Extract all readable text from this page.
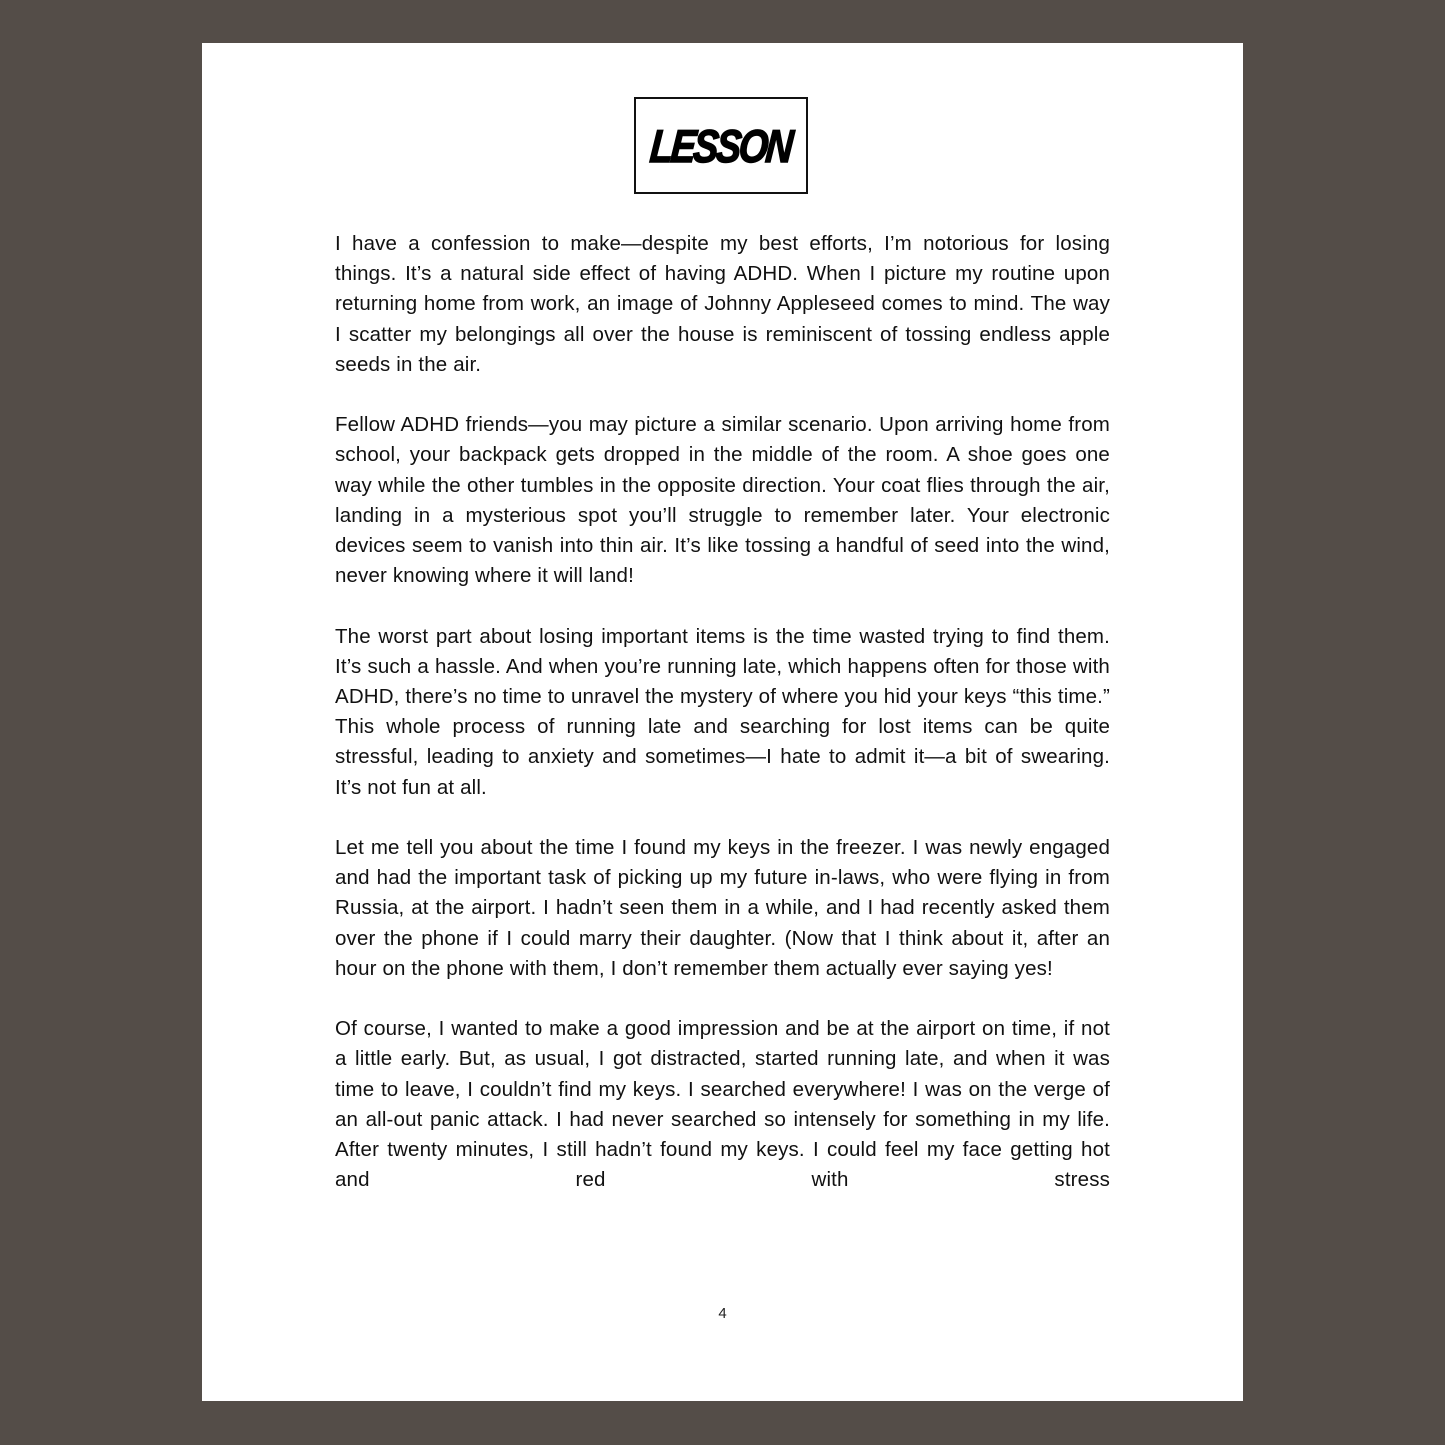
LESSON

I have a confession to make—despite my best efforts, I’m notorious for losing things. It’s a natural side effect of having ADHD. When I picture my routine upon returning home from work, an image of Johnny Appleseed comes to mind. The way I scatter my belongings all over the house is reminiscent of tossing endless apple seeds in the air.

Fellow ADHD friends—you may picture a similar scenario. Upon arriving home from school, your backpack gets dropped in the middle of the room. A shoe goes one way while the other tumbles in the opposite direction. Your coat flies through the air, landing in a mysterious spot you’ll struggle to remember later. Your electronic devices seem to vanish into thin air. It’s like tossing a handful of seed into the wind, never knowing where it will land!

The worst part about losing important items is the time wasted trying to find them. It’s such a hassle. And when you’re running late, which happens often for those with ADHD, there’s no time to unravel the mystery of where you hid your keys “this time.” This whole process of running late and searching for lost items can be quite stressful, leading to anxiety and sometimes—I hate to admit it—a bit of swearing. It’s not fun at all.

Let me tell you about the time I found my keys in the freezer. I was newly engaged and had the important task of picking up my future in-laws, who were flying in from Russia, at the airport. I hadn’t seen them in a while, and I had recently asked them over the phone if I could marry their daughter. (Now that I think about it, after an hour on the phone with them, I don’t remember them actually ever saying yes!

Of course, I wanted to make a good impression and be at the airport on time, if not a little early. But, as usual, I got distracted, started running late, and when it was time to leave, I couldn’t find my keys. I searched everywhere! I was on the verge of an all-out panic attack. I had never searched so intensely for something in my life. After twenty minutes, I still hadn’t found my keys. I could feel my face getting hot and red with stress

4
